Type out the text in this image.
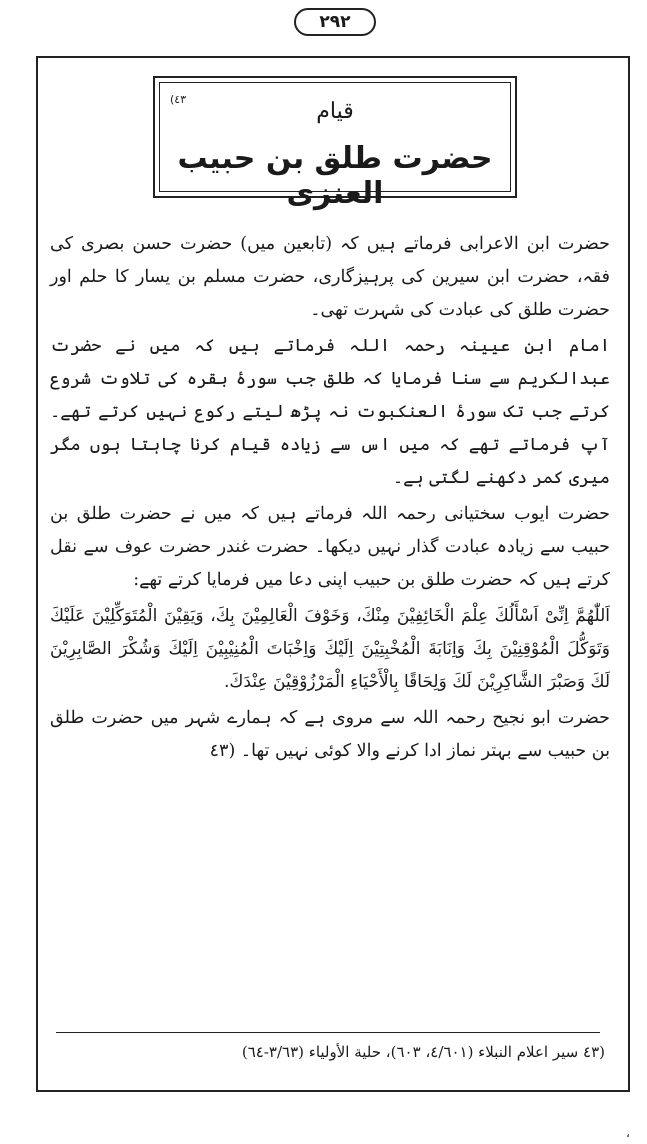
٢٩٢
(٤٣	قیام
حضرت طلق بن حبیب العنزی

حضرت ابن الاعرابی فرماتے ہیں کہ (تابعین میں) حضرت حسن بصری کی فقہ، حضرت ابن سیرین کی پرہیزگاری، حضرت مسلم بن یسار کا حلم اور حضرت طلق کی عبادت کی شہرت تھی۔

امام ابن عیینہ رحمہ اللہ فرماتے ہیں کہ میں نے حضرت عبدالکریم سے سنا فرمایا کہ طلق جب سورۂ بقرہ کی تلاوت شروع کرتے جب تک سورۂ العنکبوت نہ پڑھ لیتے رکوع نہیں کرتے تھے۔ آپ فرماتے تھے کہ میں اس سے زیادہ قیام کرنا چاہتا ہوں مگر میری کمر دکھنے لگتی ہے۔

حضرت ایوب سختیانی رحمہ اللہ فرماتے ہیں کہ میں نے حضرت طلق بن حبیب سے زیادہ عبادت گذار نہیں دیکھا۔ حضرت غندر حضرت عوف سے نقل کرتے ہیں کہ حضرت طلق بن حبیب اپنی دعا میں فرمایا کرتے تھے:

اَللّٰهُمَّ اِنِّیْ اَسْأَلُكَ عِلْمَ الْخَائِفِیْنَ مِنْكَ، وَخَوْفَ الْعَالِمِیْنَ بِكَ، وَیَقِیْنَ الْمُتَوَكِّلِیْنَ عَلَیْكَ وَتَوَكُّلَ الْمُوْقِنِیْنَ بِكَ وَاِنَابَةَ الْمُخْبِتِیْنَ اِلَیْكَ وَاِخْبَاتَ الْمُنِیْبِیْنَ اِلَیْكَ وَشُكْرَ الصَّابِرِیْنَ لَكَ وَصَبْرَ الشَّاكِرِیْنَ لَكَ وَلِحَاقًا بِالْأَحْیَاءِ الْمَرْزُوْقِیْنَ عِنْدَكَ.

حضرت ابو نجیح رحمہ اللہ سے مروی ہے کہ ہمارے شہر میں حضرت طلق بن حبیب سے بہتر نماز ادا کرنے والا کوئی نہیں تھا۔ (٤٣

(٤٣ سیر اعلام النبلاء (٤/٦٠١، ٦٠٣)، حلیة الأولیاء (٣/٦٣-٦٤)
،
